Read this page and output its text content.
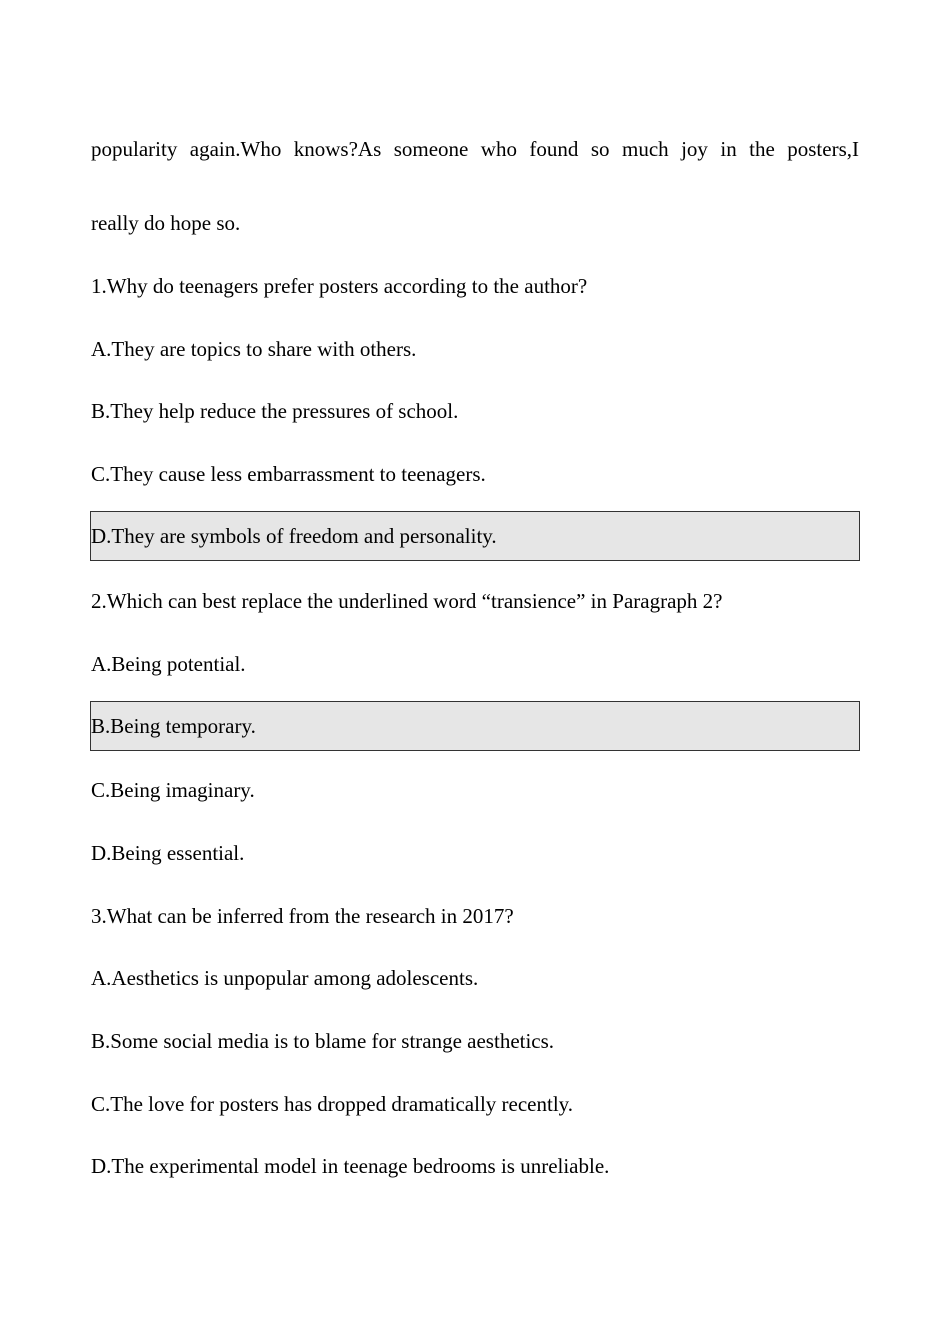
popularity again.Who knows?As someone who found so much joy in the posters,I
really do hope so.
1.Why do teenagers prefer posters according to the author?
A.They are topics to share with others.
B.They help reduce the pressures of school.
C.They cause less embarrassment to teenagers.
D.They are symbols of freedom and personality.
2.Which can best replace the underlined word “transience” in Paragraph 2?
A.Being potential.
B.Being temporary.
C.Being imaginary.
D.Being essential.
3.What can be inferred from the research in 2017?
A.Aesthetics is unpopular among adolescents.
B.Some social media is to blame for strange aesthetics.
C.The love for posters has dropped dramatically recently.
D.The experimental model in teenage bedrooms is unreliable.
